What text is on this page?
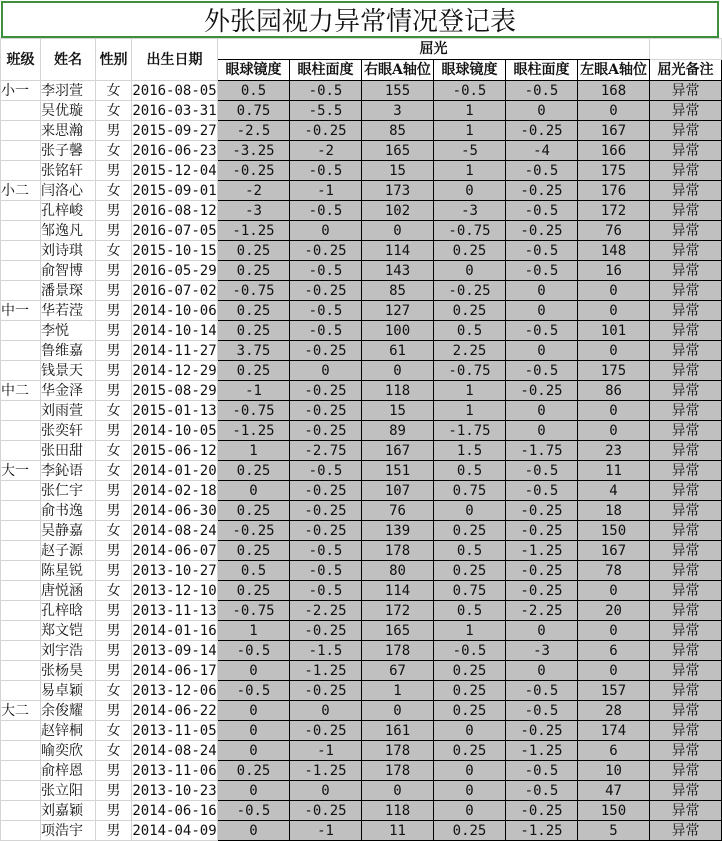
外张园视力异常情况登记表
班级	姓名	性别	出生日期	屈光						
				眼球镜度	眼柱面度	右眼A轴位	眼球镜度	眼柱面度	左眼A轴位	屈光备注
小一	李羽萱	女	2016-08-05	0.5	-0.5	155	-0.5	-0.5	168	异常
	吴优璇	女	2016-03-31	0.75	-5.5	3	1	0	0	异常
	来思瀚	男	2015-09-27	-2.5	-0.25	85	1	-0.25	167	异常
	张子馨	女	2016-06-23	-3.25	-2	165	-5	-4	166	异常
	张铭轩	男	2015-12-04	-0.25	-0.5	15	1	-0.5	175	异常
小二	闫洛心	女	2015-09-01	-2	-1	173	0	-0.25	176	异常
	孔梓峻	男	2016-08-12	-3	-0.5	102	-3	-0.5	172	异常
	邹逸凡	男	2016-07-05	-1.25	0	0	-0.75	-0.25	76	异常
	刘诗琪	女	2015-10-15	0.25	-0.25	114	0.25	-0.5	148	异常
	俞智博	男	2016-05-29	0.25	-0.5	143	0	-0.5	16	异常
	潘景琛	男	2016-07-02	-0.75	-0.25	85	-0.25	0	0	异常
中一	华若滢	男	2014-10-06	0.25	-0.5	127	0.25	0	0	异常
	李悦	男	2014-10-14	0.25	-0.5	100	0.5	-0.5	101	异常
	鲁维嘉	男	2014-11-27	3.75	-0.25	61	2.25	0	0	异常
	钱景天	男	2014-12-29	0.25	0	0	-0.75	-0.5	175	异常
中二	华金泽	男	2015-08-29	-1	-0.25	118	1	-0.25	86	异常
	刘雨萱	女	2015-01-13	-0.75	-0.25	15	1	0	0	异常
	张奕轩	男	2014-10-05	-1.25	-0.25	89	-1.75	0	0	异常
	张田甜	女	2015-06-12	1	-2.75	167	1.5	-1.75	23	异常
大一	李鈊语	女	2014-01-20	0.25	-0.5	151	0.5	-0.5	11	异常
	张仁宇	男	2014-02-18	0	-0.25	107	0.75	-0.5	4	异常
	俞书逸	男	2014-06-30	0.25	-0.25	76	0	-0.25	18	异常
	吴静嘉	女	2014-08-24	-0.25	-0.25	139	0.25	-0.25	150	异常
	赵子源	男	2014-06-07	0.25	-0.5	178	0.5	-1.25	167	异常
	陈星锐	男	2013-10-27	0.5	-0.5	80	0.25	-0.25	78	异常
	唐悦涵	女	2013-12-10	0.25	-0.5	114	0.75	-0.25	0	异常
	孔梓晗	男	2013-11-13	-0.75	-2.25	172	0.5	-2.25	20	异常
	郑文铠	男	2014-01-16	1	-0.25	165	1	0	0	异常
	刘宇浩	男	2013-09-14	-0.5	-1.5	178	-0.5	-3	6	异常
	张杨昊	男	2014-06-17	0	-1.25	67	0.25	0	0	异常
	易卓颖	女	2013-12-06	-0.5	-0.25	1	0.25	-0.5	157	异常
大二	余俊耀	男	2014-06-22	0	0	0	0.25	-0.5	28	异常
	赵锌桐	女	2013-11-05	0	-0.25	161	0	-0.25	174	异常
	喻奕欣	女	2014-08-24	0	-1	178	0.25	-1.25	6	异常
	俞梓恩	男	2013-11-06	0.25	-1.25	178	0	-0.5	10	异常
	张立阳	男	2013-10-23	0	0	0	0	-0.5	47	异常
	刘嘉颖	男	2014-06-16	-0.5	-0.25	118	0	-0.25	150	异常
	项浩宇	男	2014-04-09	0	-1	11	0.25	-1.25	5	异常
